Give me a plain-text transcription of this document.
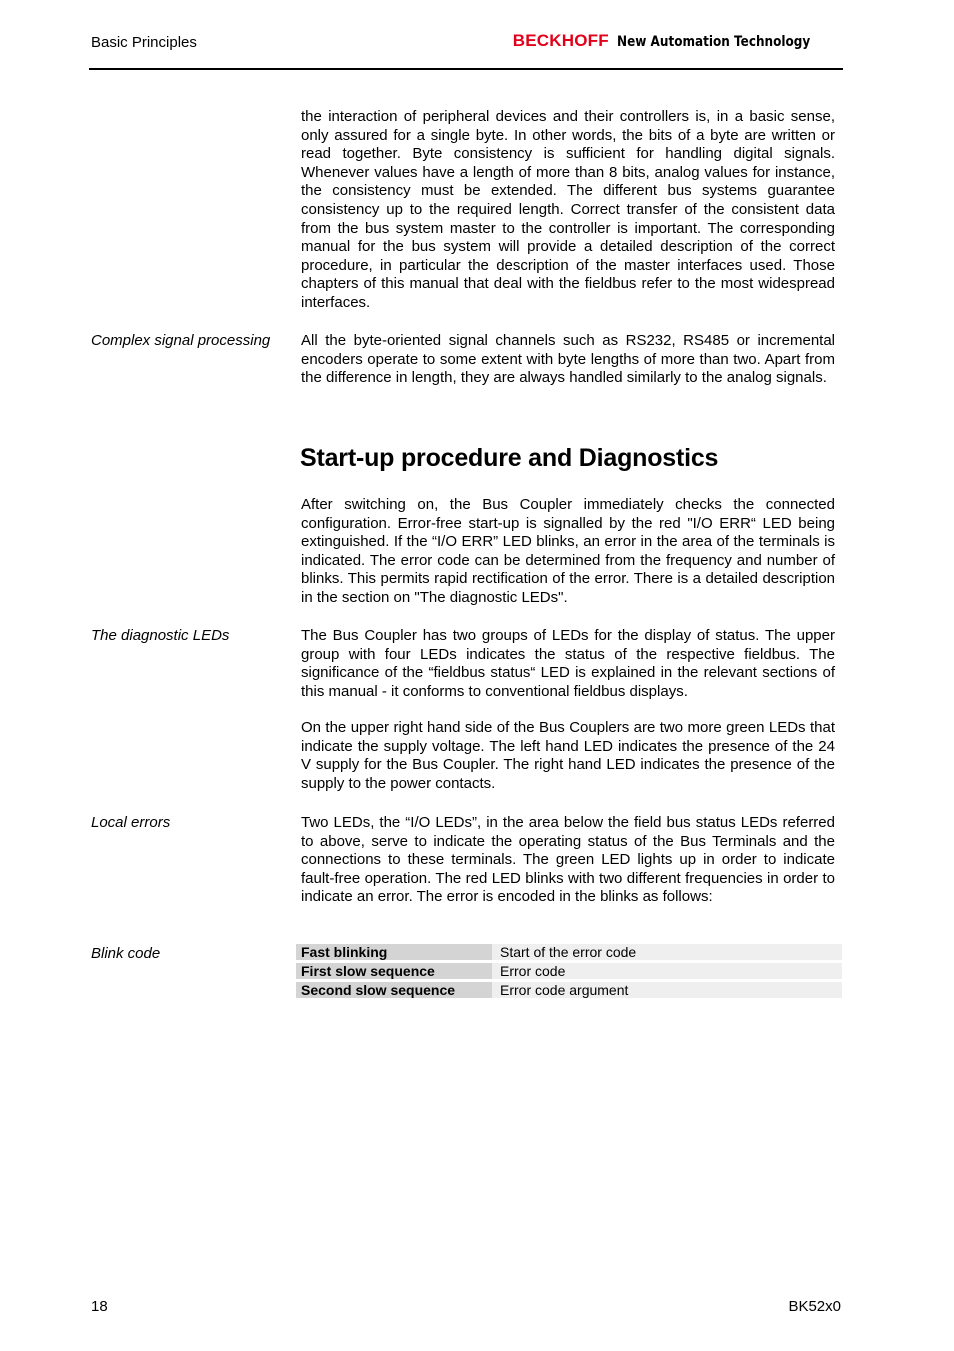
Basic Principles	BECKHOFF New Automation Technology
the interaction of peripheral devices and their controllers is, in a basic sense, only assured for a single byte. In other words, the bits of a byte are written or read together. Byte consistency is sufficient for handling digital signals. Whenever values have a length of more than 8 bits, analog values for instance, the consistency must be extended. The different bus systems guarantee consistency up to the required length. Correct transfer of the consistent data from the bus system master to the controller is important. The corresponding manual for the bus system will provide a detailed description of the correct procedure, in particular the description of the master interfaces used. Those chapters of this manual that deal with the fieldbus refer to the most widespread interfaces.
Complex signal processing All the byte-oriented signal channels such as RS232, RS485 or incremental encoders operate to some extent with byte lengths of more than two. Apart from the difference in length, they are always handled similarly to the analog signals.
Start-up procedure and Diagnostics
After switching on, the Bus Coupler immediately checks the connected configuration. Error-free start-up is signalled by the red "I/O ERR“ LED being extinguished. If the “I/O ERR” LED blinks, an error in the area of the terminals is indicated. The error code can be determined from the frequency and number of blinks. This permits rapid rectification of the error. There is a detailed description in the section on "The diagnostic LEDs".
The diagnostic LEDs	The Bus Coupler has two groups of LEDs for the display of status. The upper group with four LEDs indicates the status of the respective fieldbus. The significance of the “fieldbus status“ LED is explained in the relevant sections of this manual - it conforms to conventional fieldbus displays.
On the upper right hand side of the Bus Couplers are two more green LEDs that indicate the supply voltage. The left hand LED indicates the presence of the 24 V supply for the Bus Coupler. The right hand LED indicates the presence of the supply to the power contacts.
Local errors	Two LEDs, the “I/O LEDs”, in the area below the field bus status LEDs referred to above, serve to indicate the operating status of the Bus Terminals and the connections to these terminals. The green LED lights up in order to indicate fault-free operation. The red LED blinks with two different frequencies in order to indicate an error. The error is encoded in the blinks as follows:
Blink code	Fast blinking	Start of the error code
First slow sequence	Error code
Second slow sequence	Error code argument
18	BK52x0
